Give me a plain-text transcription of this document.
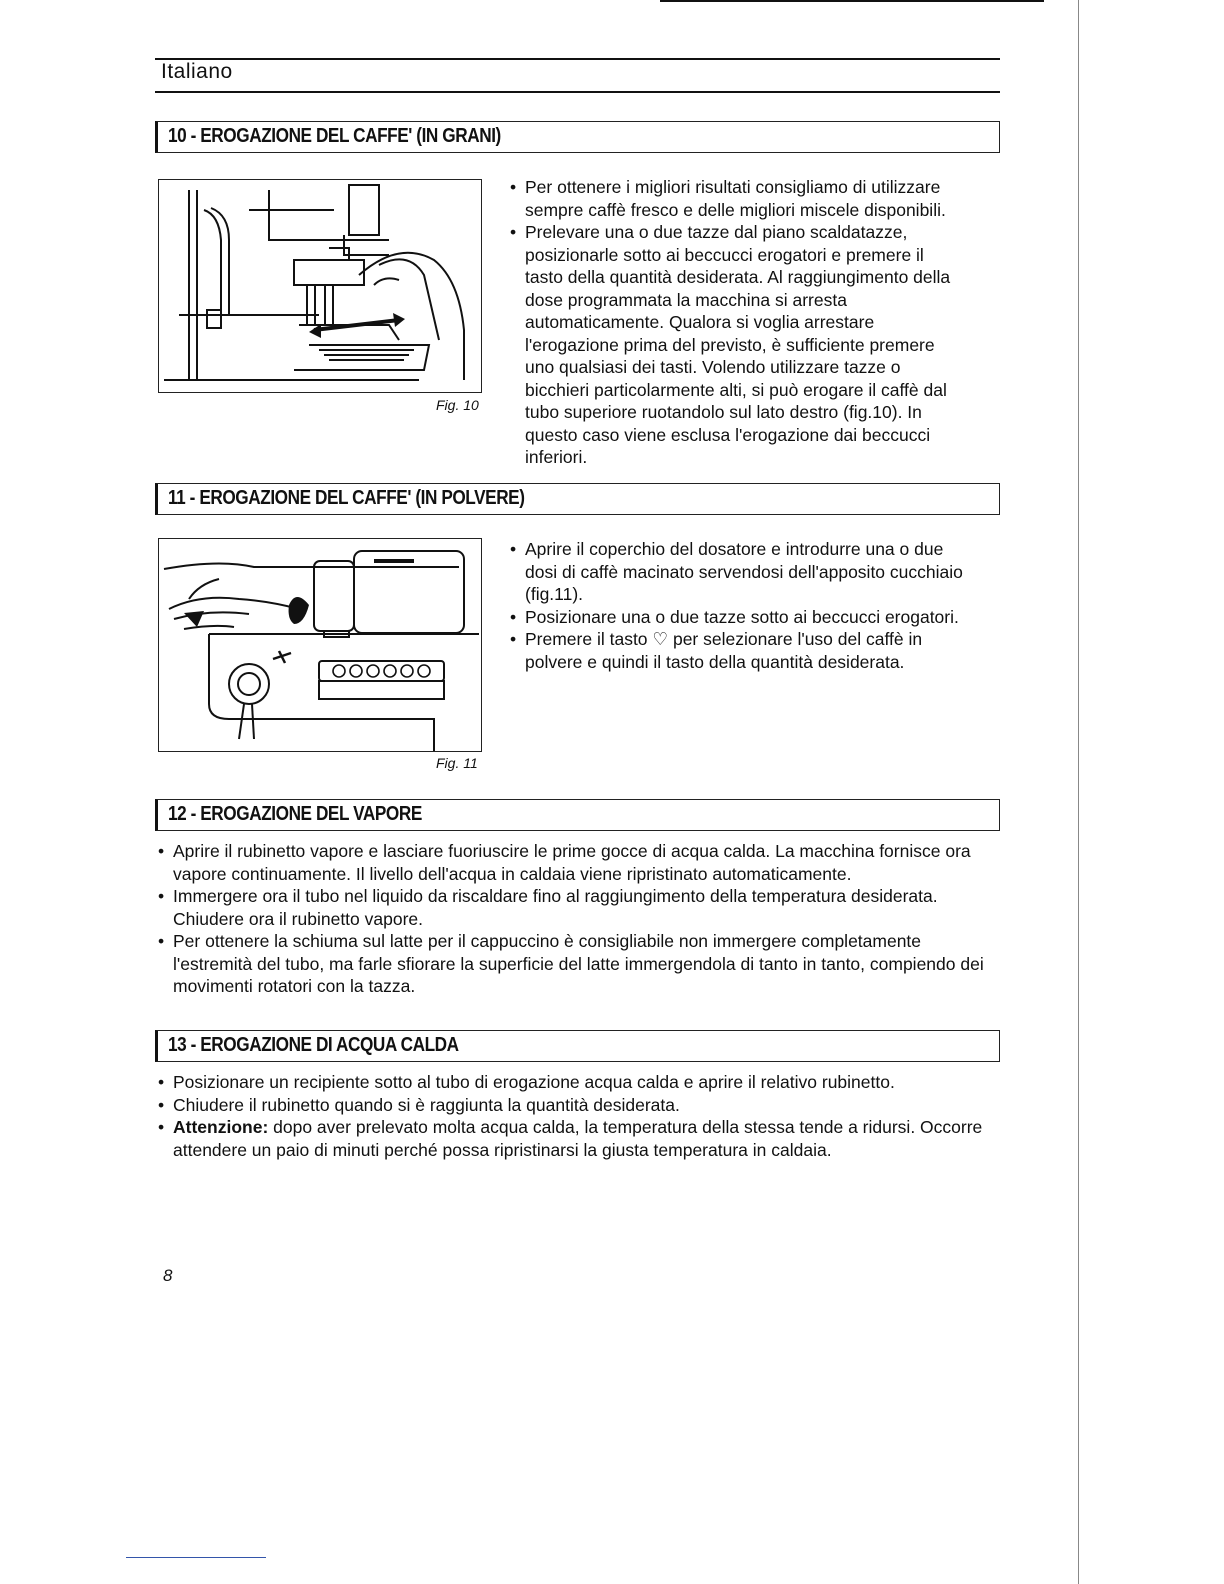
Italiano
10 - EROGAZIONE DEL CAFFE' (IN GRANI)
Fig. 10
• Per ottenere i migliori risultati consigliamo di utilizzare sempre caffè fresco e delle migliori miscele disponibili.
• Prelevare una o due tazze dal piano scaldatazze, posizionarle sotto ai beccucci erogatori e premere il tasto della quantità desiderata. Al raggiungimento della dose programmata la macchina si arresta automaticamente. Qualora si voglia arrestare l'erogazione prima del previsto, è sufficiente premere uno qualsiasi dei tasti. Volendo utilizzare tazze o bicchieri particolarmente alti, si può erogare il caffè dal tubo superiore ruotandolo sul lato destro (fig.10). In questo caso viene esclusa l'erogazione dai beccucci inferiori.
11 - EROGAZIONE DEL CAFFE' (IN POLVERE)
Fig. 11
• Aprire il coperchio del dosatore e introdurre una o due dosi di caffè macinato servendosi dell'apposito cucchiaio (fig.11).
• Posizionare una o due tazze sotto ai beccucci erogatori.
• Premere il tasto ♡ per selezionare l'uso del caffè in polvere e quindi il tasto della quantità desiderata.
12 - EROGAZIONE DEL VAPORE
• Aprire il rubinetto vapore e lasciare fuoriuscire le prime gocce di acqua calda. La macchina fornisce ora vapore continuamente. Il livello dell'acqua in caldaia viene ripristinato automaticamente.
• Immergere ora il tubo nel liquido da riscaldare fino al raggiungimento della temperatura desiderata. Chiudere ora il rubinetto vapore.
• Per ottenere la schiuma sul latte per il cappuccino è consigliabile non immergere completamente l'estremità del tubo, ma farle sfiorare la superficie del latte immergendola di tanto in tanto, compiendo dei movimenti rotatori con la tazza.
13 - EROGAZIONE DI ACQUA CALDA
• Posizionare un recipiente sotto al tubo di erogazione acqua calda e aprire il relativo rubinetto.
• Chiudere il rubinetto quando si è raggiunta la quantità desiderata.
• Attenzione: dopo aver prelevato molta acqua calda, la temperatura della stessa tende a ridursi. Occorre attendere un paio di minuti perché possa ripristinarsi la giusta temperatura in caldaia.
8
